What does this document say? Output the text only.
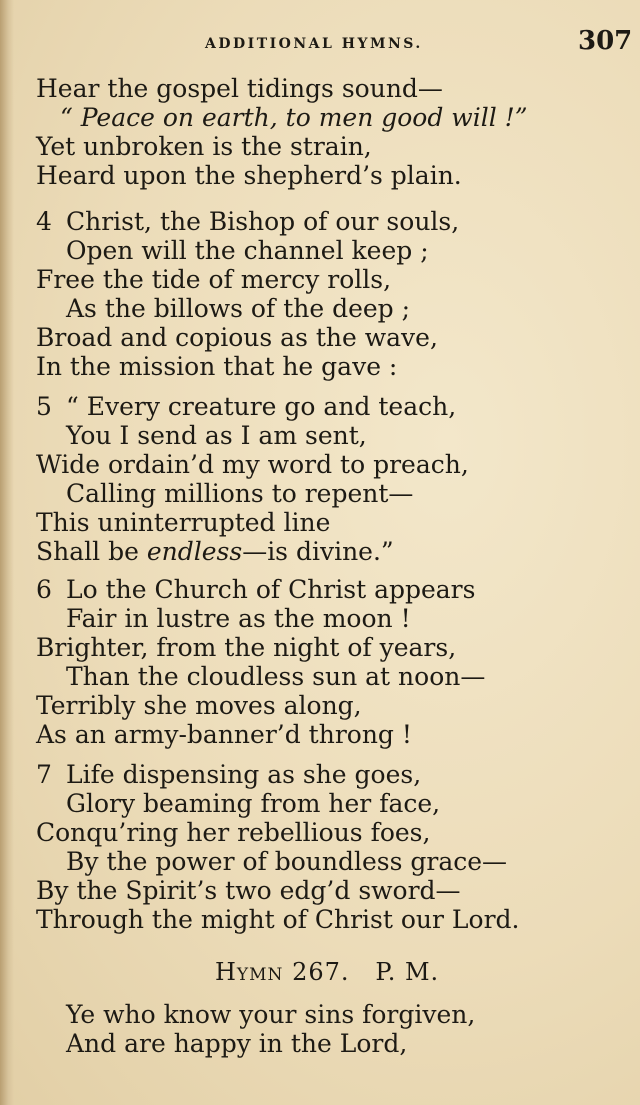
ADDITIONAL HYMNS.	307
Hear the gospel tidings sound—
“ Peace on earth, to men good will !”
Yet unbroken is the strain,
Heard upon the shepherd’s plain.
4 Christ, the Bishop of our souls,
Open will the channel keep ;
Free the tide of mercy rolls,
As the billows of the deep ;
Broad and copious as the wave,
In the mission that he gave :
5 “ Every creature go and teach,
You I send as I am sent,
Wide ordain’d my word to preach,
Calling millions to repent—
This uninterrupted line
Shall be endless—is divine.”
6 Lo the Church of Christ appears
Fair in lustre as the moon !
Brighter, from the night of years,
Than the cloudless sun at noon—
Terribly she moves along,
As an army-banner’d throng !
7 Life dispensing as she goes,
Glory beaming from her face,
Conqu’ring her rebellious foes,
By the power of boundless grace—
By the Spirit’s two edg’d sword—
Through the might of Christ our Lord.
Hymn 267. P. M.
Ye who know your sins forgiven,
And are happy in the Lord,
